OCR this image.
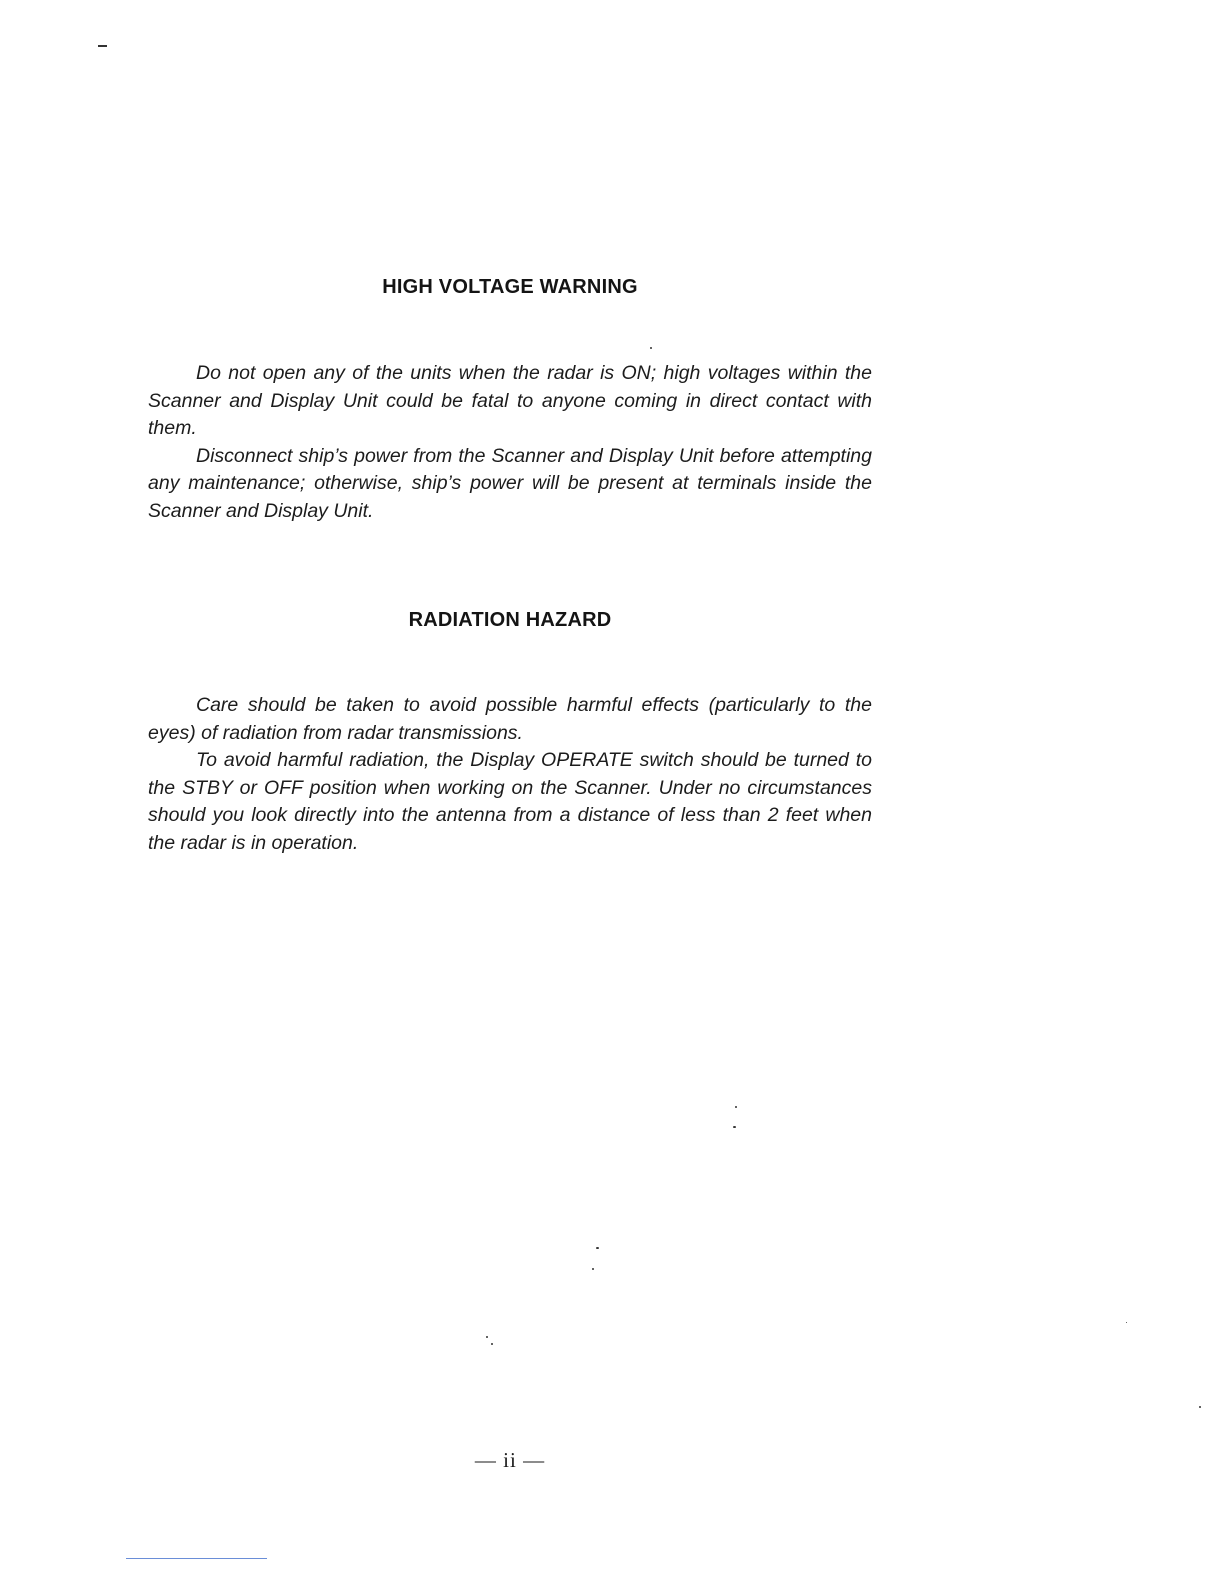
HIGH VOLTAGE WARNING

Do not open any of the units when the radar is ON; high voltages within the Scanner and Display Unit could be fatal to anyone coming in direct contact with them.

Disconnect ship’s power from the Scanner and Display Unit before attempting any maintenance; otherwise, ship’s power will be present at terminals inside the Scanner and Display Unit.

RADIATION HAZARD

Care should be taken to avoid possible harmful effects (particularly to the eyes) of radiation from radar transmissions.

To avoid harmful radiation, the Display OPERATE switch should be turned to the STBY or OFF position when working on the Scanner. Under no circumstances should you look directly into the antenna from a distance of less than 2 feet when the radar is in operation.

— ii —
